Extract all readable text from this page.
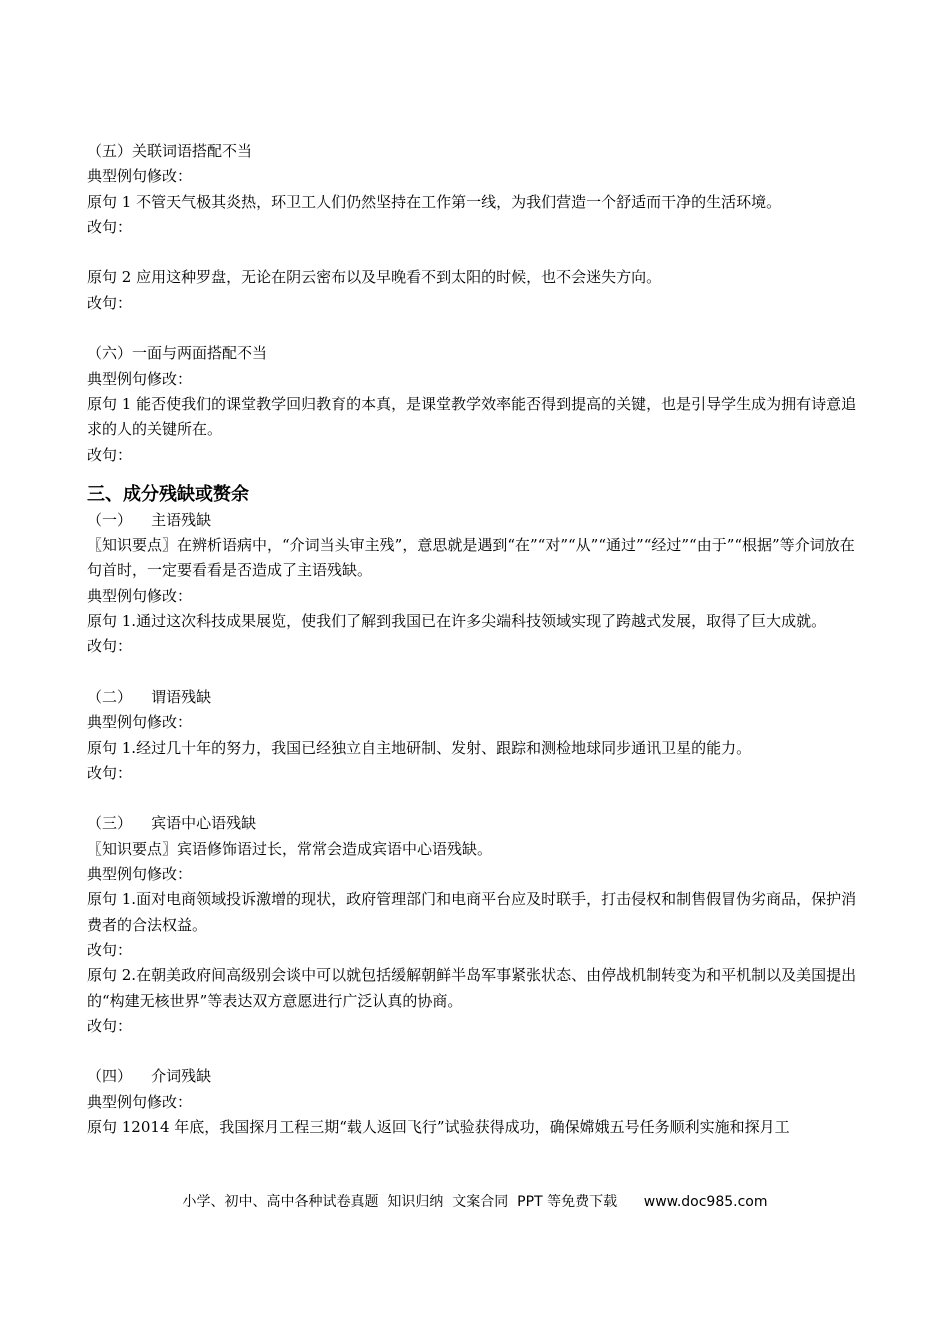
（五）关联词语搭配不当
典型例句修改：
原句 1 不管天气极其炎热，环卫工人们仍然坚持在工作第一线，为我们营造一个舒适而干净的生活环境。
改句：
原句 2 应用这种罗盘，无论在阴云密布以及早晚看不到太阳的时候，也不会迷失方向。
改句：
（六）一面与两面搭配不当
典型例句修改：
原句 1 能否使我们的课堂教学回归教育的本真，是课堂教学效率能否得到提高的关键，也是引导学生成为拥有诗意追求的人的关键所在。
改句：
三、成分残缺或赘余
（一）    主语残缺
〖知识要点〗在辨析语病中，“介词当头审主残”，意思就是遇到“在”“对”“从”“通过”“经过”“由于”“根据”等介词放在句首时，一定要看看是否造成了主语残缺。
典型例句修改：
原句 1.通过这次科技成果展览，使我们了解到我国已在许多尖端科技领域实现了跨越式发展，取得了巨大成就。
改句：
（二）    谓语残缺
典型例句修改：
原句 1.经过几十年的努力，我国已经独立自主地研制、发射、跟踪和测检地球同步通讯卫星的能力。
改句：
（三）    宾语中心语残缺
〖知识要点〗宾语修饰语过长，常常会造成宾语中心语残缺。
典型例句修改：
原句 1.面对电商领域投诉激增的现状，政府管理部门和电商平台应及时联手，打击侵权和制售假冒伪劣商品，保护消费者的合法权益。
改句：
原句 2.在朝美政府间高级别会谈中可以就包括缓解朝鲜半岛军事紧张状态、由停战机制转变为和平机制以及美国提出的“构建无核世界”等表达双方意愿进行广泛认真的协商。
改句：
（四）    介词残缺
典型例句修改：
原句 12014 年底，我国探月工程三期“载人返回飞行”试验获得成功，确保嫦娥五号任务顺利实施和探月工
小学、初中、高中各种试卷真题  知识归纳  文案合同  PPT 等免费下载      www.doc985.com
